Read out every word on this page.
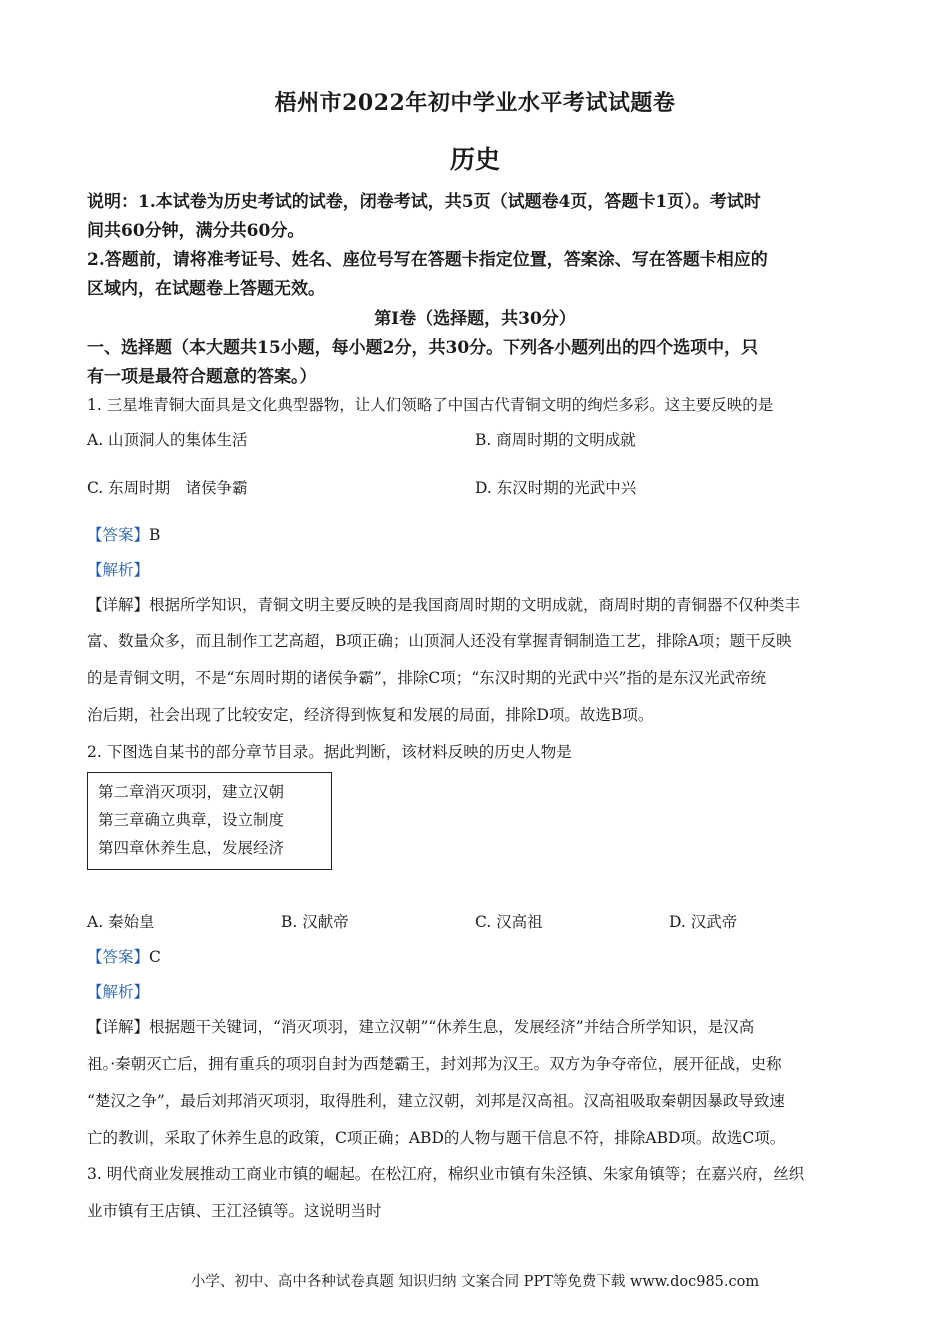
梧州市2022年初中学业水平考试试题卷
历史
说明：1.本试卷为历史考试的试卷，闭卷考试，共5页（试题卷4页，答题卡1页）。考试时
间共60分钟，满分共60分。
2.答题前，请将准考证号、姓名、座位号写在答题卡指定位置，答案涂、写在答题卡相应的
区域内，在试题卷上答题无效。
第I卷（选择题，共30分）
一、选择题（本大题共15小题，每小题2分，共30分。下列各小题列出的四个选项中，只
有一项是最符合题意的答案。）
1. 三星堆青铜大面具是文化典型器物，让人们领略了中国古代青铜文明的绚烂多彩。这主要反映的是
A. 山顶洞人的集体生活	B. 商周时期的文明成就
C. 东周时期　诸侯争霸	D. 东汉时期的光武中兴
【答案】B
【解析】
【详解】根据所学知识，青铜文明主要反映的是我国商周时期的文明成就，商周时期的青铜器不仅种类丰
富、数量众多，而且制作工艺高超，B项正确；山顶洞人还没有掌握青铜制造工艺，排除A项；题干反映
的是青铜文明，不是“东周时期的诸侯争霸”，排除C项；“东汉时期的光武中兴”指的是东汉光武帝统
治后期，社会出现了比较安定，经济得到恢复和发展的局面，排除D项。故选B项。
2. 下图选自某书的部分章节目录。据此判断，该材料反映的历史人物是
第二章消灭项羽，建立汉朝
第三章确立典章，设立制度
第四章休养生息，发展经济
A. 秦始皇	B. 汉献帝	C. 汉高祖	D. 汉武帝
【答案】C
【解析】
【详解】根据题干关键词，“消灭项羽，建立汉朝”“休养生息，发展经济”并结合所学知识，是汉高
祖。·秦朝灭亡后，拥有重兵的项羽自封为西楚霸王，封刘邦为汉王。双方为争夺帝位，展开征战，史称
“楚汉之争”，最后刘邦消灭项羽，取得胜利，建立汉朝，刘邦是汉高祖。汉高祖吸取秦朝因暴政导致速
亡的教训，采取了休养生息的政策，C项正确；ABD的人物与题干信息不符，排除ABD项。故选C项。
3. 明代商业发展推动工商业市镇的崛起。在松江府，棉织业市镇有朱泾镇、朱家角镇等；在嘉兴府，丝织
业市镇有王店镇、王江泾镇等。这说明当时
小学、初中、高中各种试卷真题 知识归纳 文案合同 PPT等免费下载 www.doc985.com
